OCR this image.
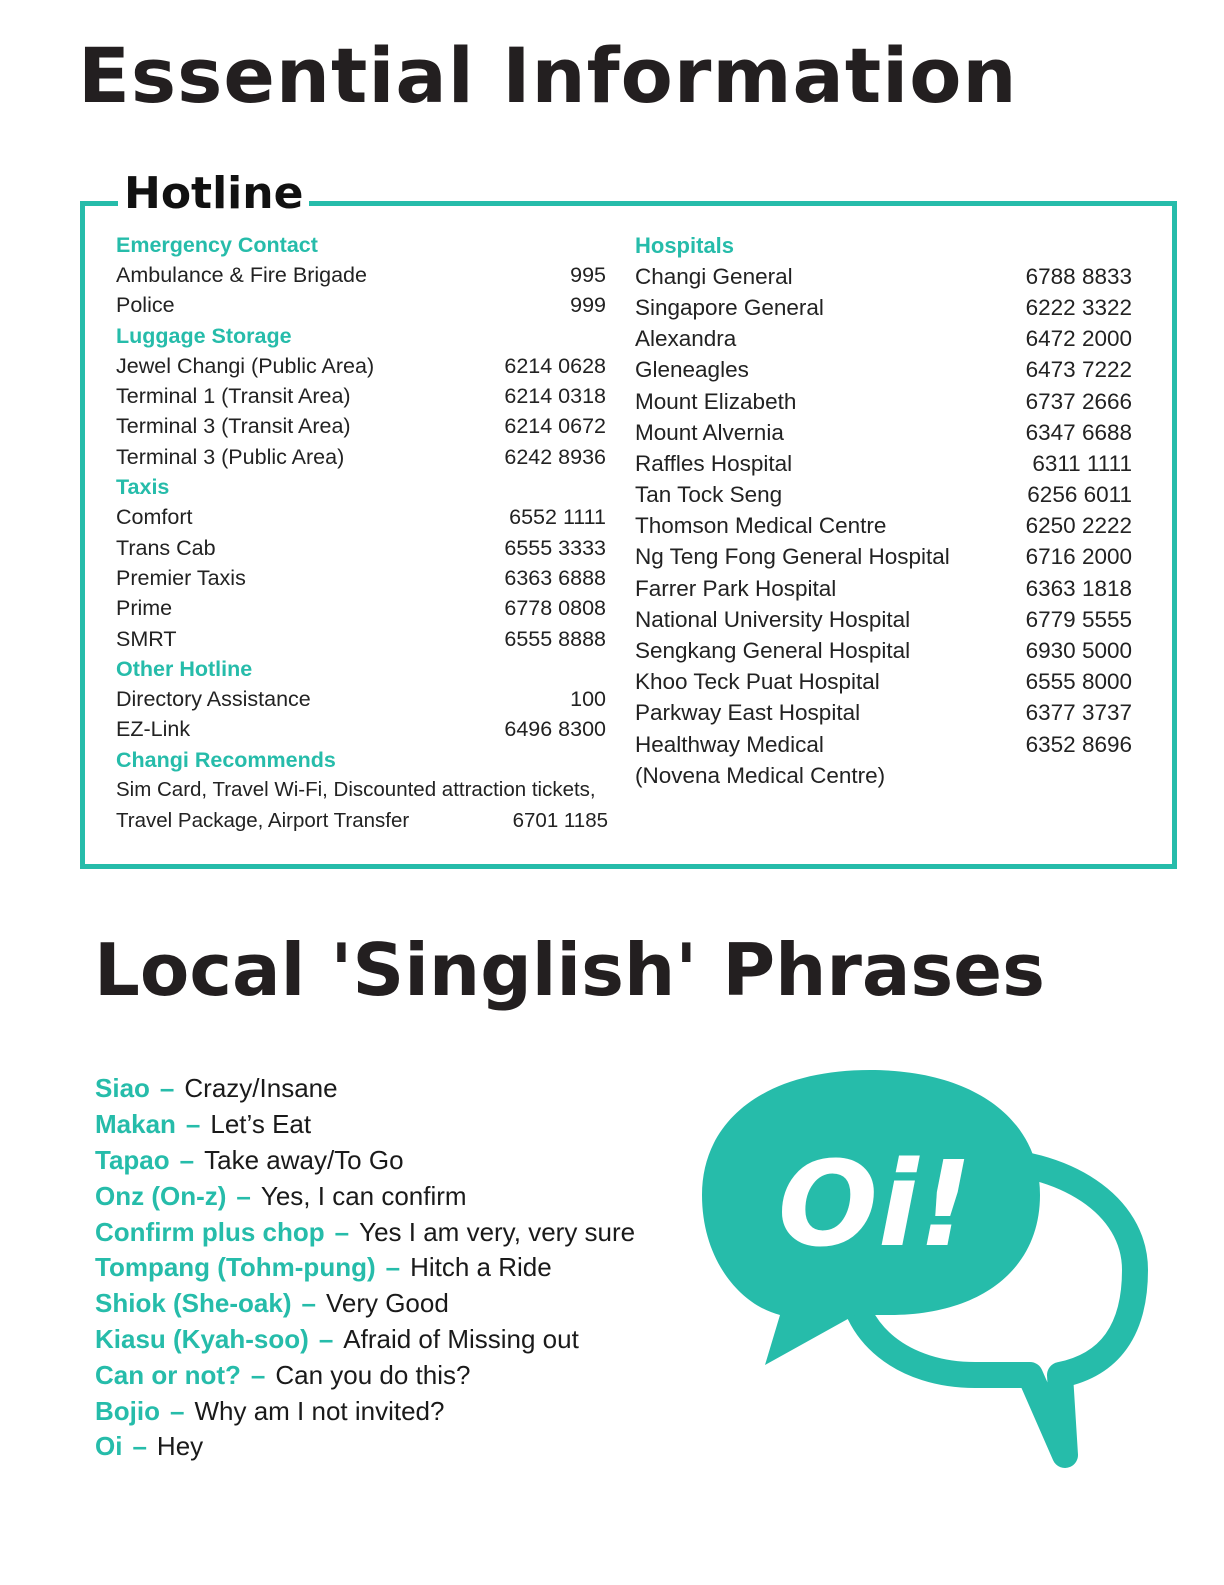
Essential Information
Hotline
Emergency Contact
Ambulance & Fire Brigade	995
Police	999
Luggage Storage
Jewel Changi (Public Area)	6214 0628
Terminal 1 (Transit Area)	6214 0318
Terminal 3 (Transit Area)	6214 0672
Terminal 3 (Public Area)	6242 8936
Taxis
Comfort	6552 1111
Trans Cab	6555 3333
Premier Taxis	6363 6888
Prime	6778 0808
SMRT	6555 8888
Other Hotline
Directory Assistance	100
EZ-Link	6496 8300
Changi Recommends
Sim Card, Travel Wi-Fi, Discounted attraction tickets,
Travel Package, Airport Transfer	6701 1185
Hospitals
Changi General	6788 8833
Singapore General	6222 3322
Alexandra	6472 2000
Gleneagles	6473 7222
Mount Elizabeth	6737 2666
Mount Alvernia	6347 6688
Raffles Hospital	6311 1111
Tan Tock Seng	6256 6011
Thomson Medical Centre	6250 2222
Ng Teng Fong General Hospital	6716 2000
Farrer Park Hospital	6363 1818
National University Hospital	6779 5555
Sengkang General Hospital	6930 5000
Khoo Teck Puat Hospital	6555 8000
Parkway East Hospital	6377 3737
Healthway Medical	6352 8696
(Novena Medical Centre)
Local 'Singlish' Phrases
Siao – Crazy/Insane
Makan – Let’s Eat
Tapao – Take away/To Go
Onz (On-z) – Yes, I can confirm
Confirm plus chop – Yes I am very, very sure
Tompang (Tohm-pung) – Hitch a Ride
Shiok (She-oak) – Very Good
Kiasu (Kyah-soo) – Afraid of Missing out
Can or not? – Can you do this?
Bojio – Why am I not invited?
Oi – Hey
Oi!
